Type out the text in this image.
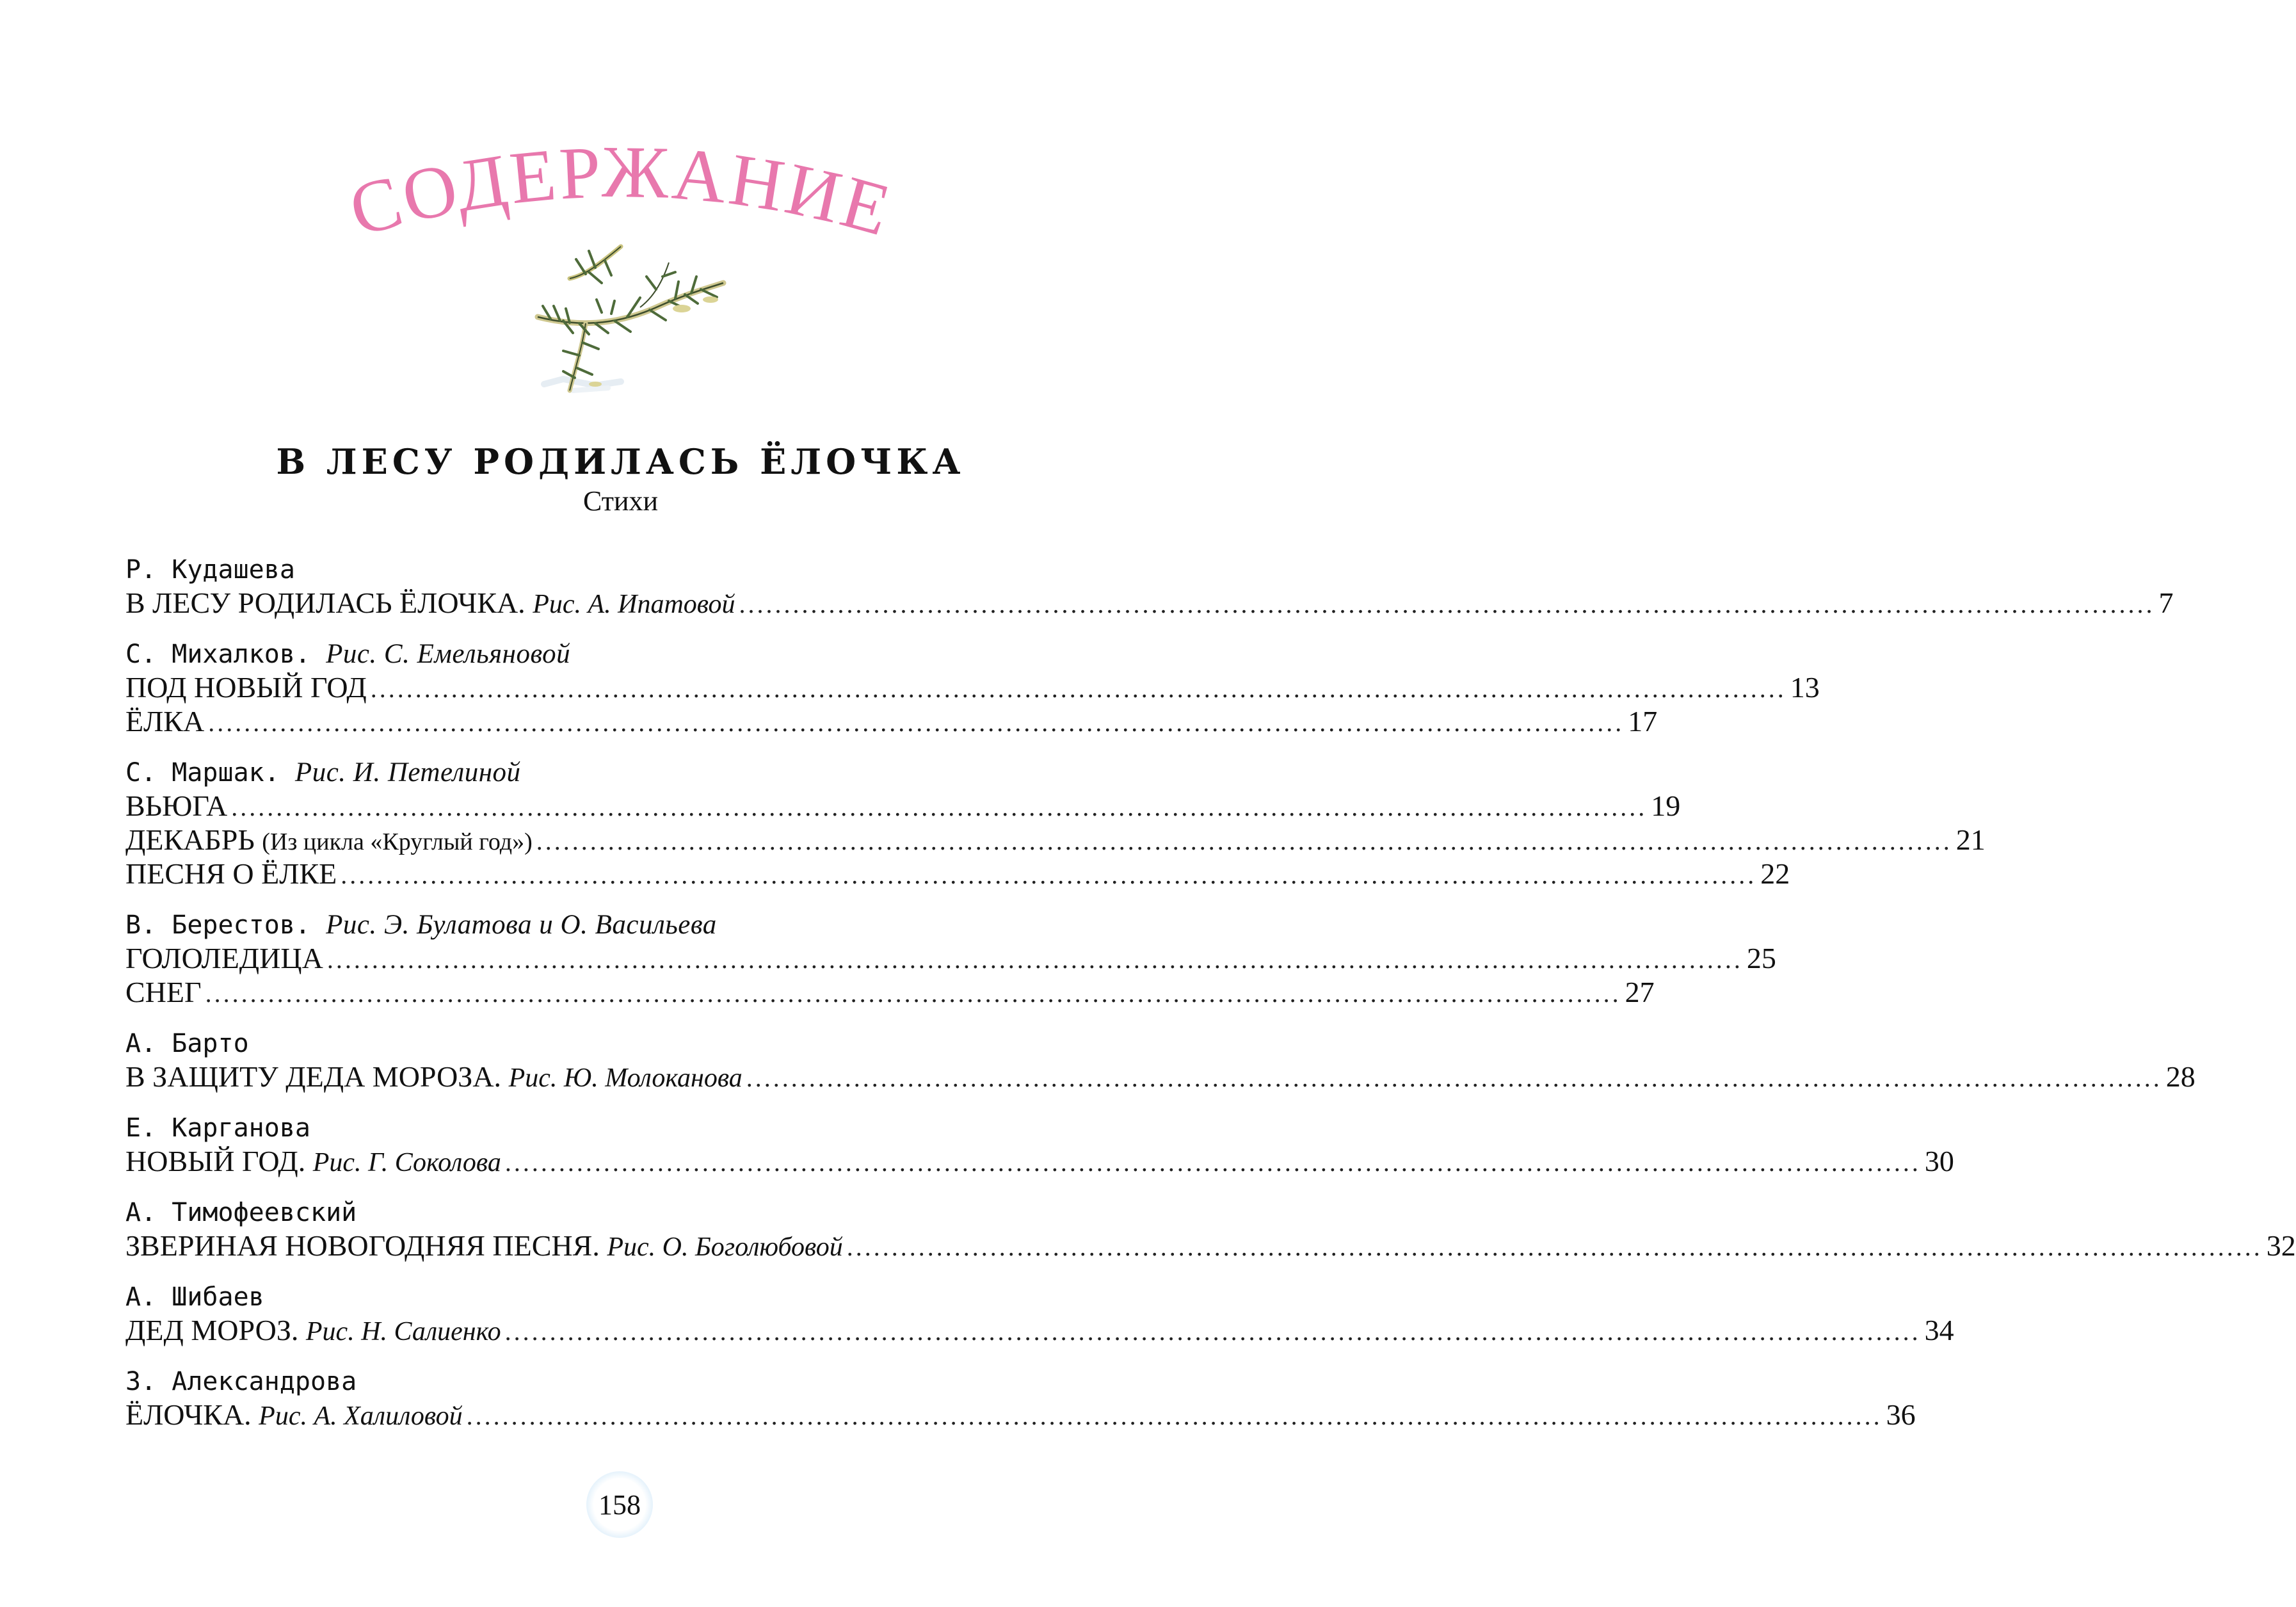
СОДЕРЖАНИЕ
В ЛЕСУ РОДИЛАСЬ ЁЛОЧКА
Стихи
Р. Кудашева
В ЛЕСУ РОДИЛАСЬ ЁЛОЧКА. Рис. А. Ипатовой .............................................................................................................................................................. 7
С. Михалков. Рис. С. Емельяновой
ПОД НОВЫЙ ГОД .............................................................................................................................................................. 13
ЁЛКА .............................................................................................................................................................. 17
С. Маршак. Рис. И. Петелиной
ВЬЮГА .............................................................................................................................................................. 19
ДЕКАБРЬ (Из цикла «Круглый год») .............................................................................................................................................................. 21
ПЕСНЯ О ЁЛКЕ .............................................................................................................................................................. 22
В. Берестов. Рис. Э. Булатова и О. Васильева
ГОЛОЛЕДИЦА .............................................................................................................................................................. 25
СНЕГ .............................................................................................................................................................. 27
А. Барто
В ЗАЩИТУ ДЕДА МОРОЗА. Рис. Ю. Молоканова .............................................................................................................................................................. 28
Е. Карганова
НОВЫЙ ГОД. Рис. Г. Соколова .............................................................................................................................................................. 30
А. Тимофеевский
ЗВЕРИНАЯ НОВОГОДНЯЯ ПЕСНЯ. Рис. О. Боголюбовой .............................................................................................................................................................. 32
А. Шибаев
ДЕД МОРОЗ. Рис. Н. Салиенко .............................................................................................................................................................. 34
З. Александрова
ЁЛОЧКА. Рис. А. Халиловой .............................................................................................................................................................. 36
158
